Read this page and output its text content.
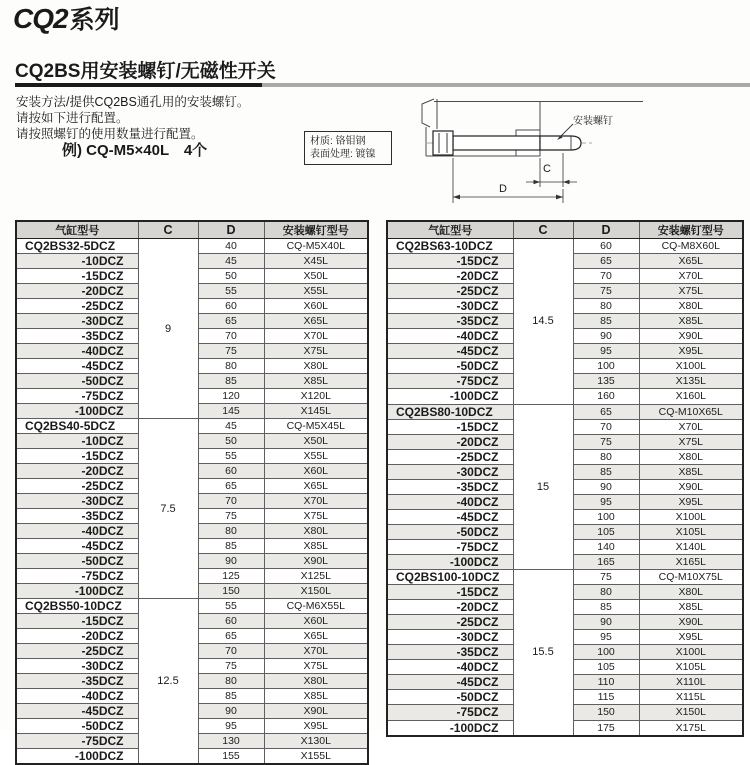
CQ2系列
CQ2BS用安装螺钉/无磁性开关
安装方法/提供CQ2BS通孔用的安装螺钉。
请按如下进行配置。
请按照螺钉的使用数量进行配置。
例) CQ-M5×40L　4个
材质: 铬钼钢
表面处理: 镀镍
安装螺钉
C
D
气缸型号	C	D	安装螺钉型号
CQ2BS32-5DCZ	9	40	CQ-M5X40L
-10DCZ		45	X45L
-15DCZ		50	X50L
-20DCZ		55	X55L
-25DCZ		60	X60L
-30DCZ		65	X65L
-35DCZ		70	X70L
-40DCZ		75	X75L
-45DCZ		80	X80L
-50DCZ		85	X85L
-75DCZ		120	X120L
-100DCZ		145	X145L
CQ2BS40-5DCZ	7.5	45	CQ-M5X45L
-10DCZ		50	X50L
-15DCZ		55	X55L
-20DCZ		60	X60L
-25DCZ		65	X65L
-30DCZ		70	X70L
-35DCZ		75	X75L
-40DCZ		80	X80L
-45DCZ		85	X85L
-50DCZ		90	X90L
-75DCZ		125	X125L
-100DCZ		150	X150L
CQ2BS50-10DCZ	12.5	55	CQ-M6X55L
-15DCZ		60	X60L
-20DCZ		65	X65L
-25DCZ		70	X70L
-30DCZ		75	X75L
-35DCZ		80	X80L
-40DCZ		85	X85L
-45DCZ		90	X90L
-50DCZ		95	X95L
-75DCZ		130	X130L
-100DCZ		155	X155L
气缸型号	C	D	安装螺钉型号
CQ2BS63-10DCZ	14.5	60	CQ-M8X60L
-15DCZ		65	X65L
-20DCZ		70	X70L
-25DCZ		75	X75L
-30DCZ		80	X80L
-35DCZ		85	X85L
-40DCZ		90	X90L
-45DCZ		95	X95L
-50DCZ		100	X100L
-75DCZ		135	X135L
-100DCZ		160	X160L
CQ2BS80-10DCZ	15	65	CQ-M10X65L
-15DCZ		70	X70L
-20DCZ		75	X75L
-25DCZ		80	X80L
-30DCZ		85	X85L
-35DCZ		90	X90L
-40DCZ		95	X95L
-45DCZ		100	X100L
-50DCZ		105	X105L
-75DCZ		140	X140L
-100DCZ		165	X165L
CQ2BS100-10DCZ	15.5	75	CQ-M10X75L
-15DCZ		80	X80L
-20DCZ		85	X85L
-25DCZ		90	X90L
-30DCZ		95	X95L
-35DCZ		100	X100L
-40DCZ		105	X105L
-45DCZ		110	X110L
-50DCZ		115	X115L
-75DCZ		150	X150L
-100DCZ		175	X175L
